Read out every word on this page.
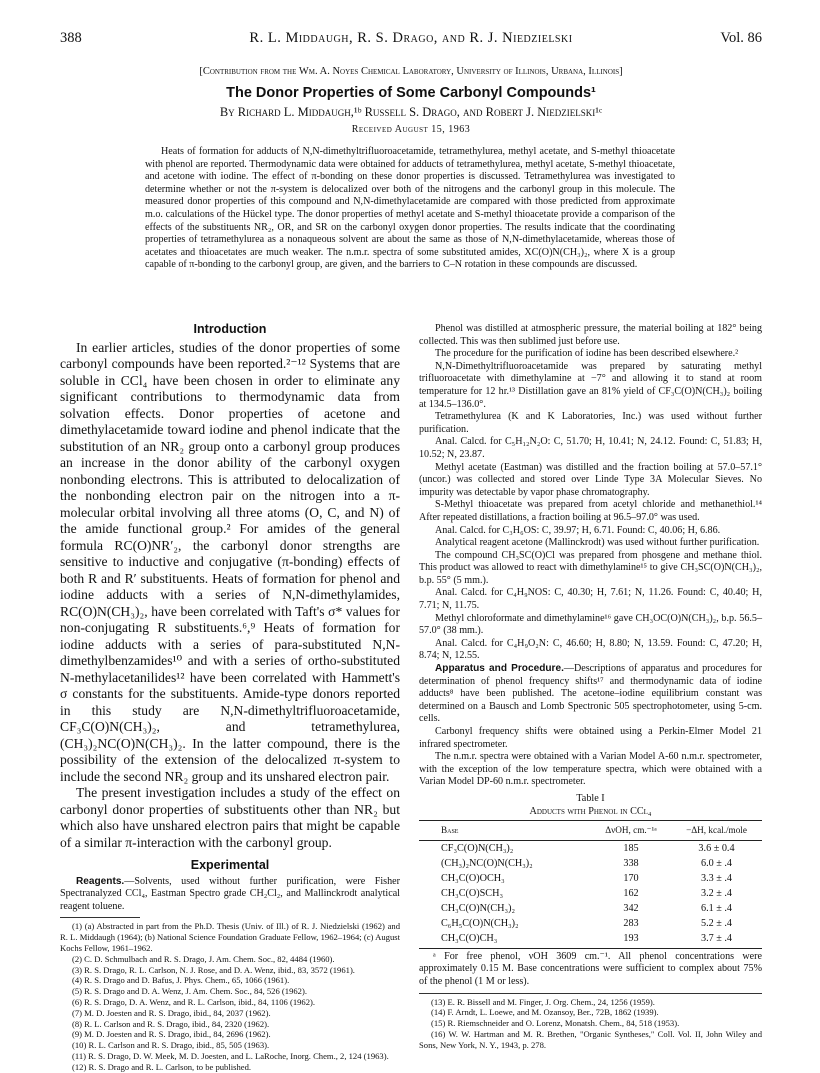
388	R. L. Middaugh, R. S. Drago, and R. J. Niedzielski	Vol. 86
[Contribution from the Wm. A. Noyes Chemical Laboratory, University of Illinois, Urbana, Illinois]
The Donor Properties of Some Carbonyl Compounds¹
By Richard L. Middaugh,¹ᵇ Russell S. Drago, and Robert J. Niedzielski¹ᶜ
Received August 15, 1963
Heats of formation for adducts of N,N-dimethyltrifluoroacetamide, tetramethylurea, methyl acetate, and S-methyl thioacetate with phenol are reported. Thermodynamic data were obtained for adducts of tetramethylurea, methyl acetate, S-methyl thioacetate, and acetone with iodine. The effect of π-bonding on these donor properties is discussed. Tetramethylurea was investigated to determine whether or not the π-system is delocalized over both of the nitrogens and the carbonyl group in this molecule. The measured donor properties of this compound and N,N-dimethylacetamide are compared with those predicted from approximate m.o. calculations of the Hückel type. The donor properties of methyl acetate and S-methyl thioacetate provide a comparison of the effects of the substituents NR₂, OR, and SR on the carbonyl oxygen donor properties. The results indicate that the coordinating properties of tetramethylurea as a nonaqueous solvent are about the same as those of N,N-dimethylacetamide, whereas those of acetates and thioacetates are much weaker. The n.m.r. spectra of some substituted amides, XC(O)N(CH₃)₂, where X is a group capable of π-bonding to the carbonyl group, are given, and the barriers to C–N rotation in these compounds are discussed.
Introduction

In earlier articles, studies of the donor properties of some carbonyl compounds have been reported.²⁻¹² Systems that are soluble in CCl₄ have been chosen in order to eliminate any significant contributions to thermodynamic data from solvation effects. Donor properties of acetone and dimethylacetamide toward iodine and phenol indicate that the substitution of an NR₂ group onto a carbonyl group produces an increase in the donor ability of the carbonyl oxygen nonbonding electrons. This is attributed to delocalization of the nonbonding electron pair on the nitrogen into a π-molecular orbital involving all three atoms (O, C, and N) of the amide functional group.² For amides of the general formula RC(O)NR′₂, the carbonyl donor strengths are sensitive to inductive and conjugative (π-bonding) effects of both R and R′ substituents. Heats of formation for phenol and iodine adducts with a series of N,N-dimethylamides, RC(O)N(CH₃)₂, have been correlated with Taft's σ* values for non-conjugating R substituents.⁶,⁹ Heats of formation for iodine adducts with a series of para-substituted N,N-dimethylbenzamides¹⁰ and with a series of ortho-substituted N-methylacetanilides¹² have been correlated with Hammett's σ constants for the substituents. Amide-type donors reported in this study are N,N-dimethyltrifluoroacetamide, CF₃C(O)N(CH₃)₂, and tetramethylurea, (CH₃)₂NC(O)N(CH₃)₂. In the latter compound, there is the possibility of the extension of the delocalized π-system to include the second NR₂ group and its unshared electron pair.

The present investigation includes a study of the effect on carbonyl donor properties of substituents other than NR₂ but which also have unshared electron pairs that might be capable of a similar π-interaction with the carbonyl group.

Experimental

Reagents.—Solvents, used without further purification, were Fisher Spectranalyzed CCl₄, Eastman Spectro grade CH₂Cl₂, and Mallinckrodt analytical reagent toluene.

(1) (a) Abstracted in part from the Ph.D. Thesis (Univ. of Ill.) of R. J. Niedzielski (1962) and R. L. Middaugh (1964); (b) National Science Foundation Graduate Fellow, 1962–1964; (c) August Kochs Fellow, 1961–1962.

(2) C. D. Schmulbach and R. S. Drago, J. Am. Chem. Soc., 82, 4484 (1960).

(3) R. S. Drago, R. L. Carlson, N. J. Rose, and D. A. Wenz, ibid., 83, 3572 (1961).

(4) R. S. Drago and D. Bafus, J. Phys. Chem., 65, 1066 (1961).

(5) R. S. Drago and D. A. Wenz, J. Am. Chem. Soc., 84, 526 (1962).

(6) R. S. Drago, D. A. Wenz, and R. L. Carlson, ibid., 84, 1106 (1962).

(7) M. D. Joesten and R. S. Drago, ibid., 84, 2037 (1962).

(8) R. L. Carlson and R. S. Drago, ibid., 84, 2320 (1962).

(9) M. D. Joesten and R. S. Drago, ibid., 84, 2696 (1962).

(10) R. L. Carlson and R. S. Drago, ibid., 85, 505 (1963).

(11) R. S. Drago, D. W. Meek, M. D. Joesten, and L. LaRoche, Inorg. Chem., 2, 124 (1963).

(12) R. S. Drago and R. L. Carlson, to be published.

Phenol was distilled at atmospheric pressure, the material boiling at 182° being collected. This was then sublimed just before use.

The procedure for the purification of iodine has been described elsewhere.²

N,N-Dimethyltrifluoroacetamide was prepared by saturating methyl trifluoroacetate with dimethylamine at −7° and allowing it to stand at room temperature for 12 hr.¹³ Distillation gave an 81% yield of CF₃C(O)N(CH₃)₂ boiling at 134.5–136.0°.

Tetramethylurea (K and K Laboratories, Inc.) was used without further purification.

Anal. Calcd. for C₅H₁₂N₂O: C, 51.70; H, 10.41; N, 24.12. Found: C, 51.83; H, 10.52; N, 23.87.

Methyl acetate (Eastman) was distilled and the fraction boiling at 57.0–57.1° (uncor.) was collected and stored over Linde Type 3A Molecular Sieves. No impurity was detectable by vapor phase chromatography.

S-Methyl thioacetate was prepared from acetyl chloride and methanethiol.¹⁴ After repeated distillations, a fraction boiling at 96.5–97.0° was used.

Anal. Calcd. for C₃H₆OS: C, 39.97; H, 6.71. Found: C, 40.06; H, 6.86.

Analytical reagent acetone (Mallinckrodt) was used without further purification.

The compound CH₃SC(O)Cl was prepared from phosgene and methane thiol. This product was allowed to react with dimethylamine¹⁵ to give CH₃SC(O)N(CH₃)₂, b.p. 55° (5 mm.).

Anal. Calcd. for C₄H₉NOS: C, 40.30; H, 7.61; N, 11.26. Found: C, 40.40; H, 7.71; N, 11.75.

Methyl chloroformate and dimethylamine¹⁶ gave CH₃OC(O)N(CH₃)₂, b.p. 56.5–57.0° (38 mm.).

Anal. Calcd. for C₄H₉O₂N: C, 46.60; H, 8.80; N, 13.59. Found: C, 47.20; H, 8.74; N, 12.55.

Apparatus and Procedure.—Descriptions of apparatus and procedures for determination of phenol frequency shifts¹⁷ and thermodynamic data of iodine adducts⁸ have been published. The acetone–iodine equilibrium constant was determined on a Bausch and Lomb Spectronic 505 spectrophotometer, using 5-cm. cells.

Carbonyl frequency shifts were obtained using a Perkin-Elmer Model 21 infrared spectrometer.

The n.m.r. spectra were obtained with a Varian Model A-60 n.m.r. spectrometer, with the exception of the low temperature spectra, which were obtained with a Varian Model DP-60 n.m.r. spectrometer.

Table I
Adducts with Phenol in CCl₄
Base	ΔνOH, cm.⁻¹ᵃ	−ΔH, kcal./mole

CF₃C(O)N(CH₃)₂	185	3.6 ± 0.4
(CH₃)₂NC(O)N(CH₃)₂	338	6.0 ± .4
CH₃C(O)OCH₃	170	3.3 ± .4
CH₃C(O)SCH₃	162	3.2 ± .4
CH₃C(O)N(CH₃)₂	342	6.1 ± .4
C₆H₅C(O)N(CH₃)₂	283	5.2 ± .4
CH₃C(O)CH₃	193	3.7 ± .4

ᵃ For free phenol, νOH 3609 cm.⁻¹. All phenol concentrations were approximately 0.15 M. Base concentrations were sufficient to complex about 75% of the phenol (1 M or less).

(13) E. R. Bissell and M. Finger, J. Org. Chem., 24, 1256 (1959).

(14) F. Arndt, L. Loewe, and M. Ozansoy, Ber., 72B, 1862 (1939).

(15) R. Riemschneider and O. Lorenz, Monatsh. Chem., 84, 518 (1953).

(16) W. W. Hartman and M. R. Brethen, "Organic Syntheses," Coll. Vol. II, John Wiley and Sons, New York, N. Y., 1943, p. 278.
